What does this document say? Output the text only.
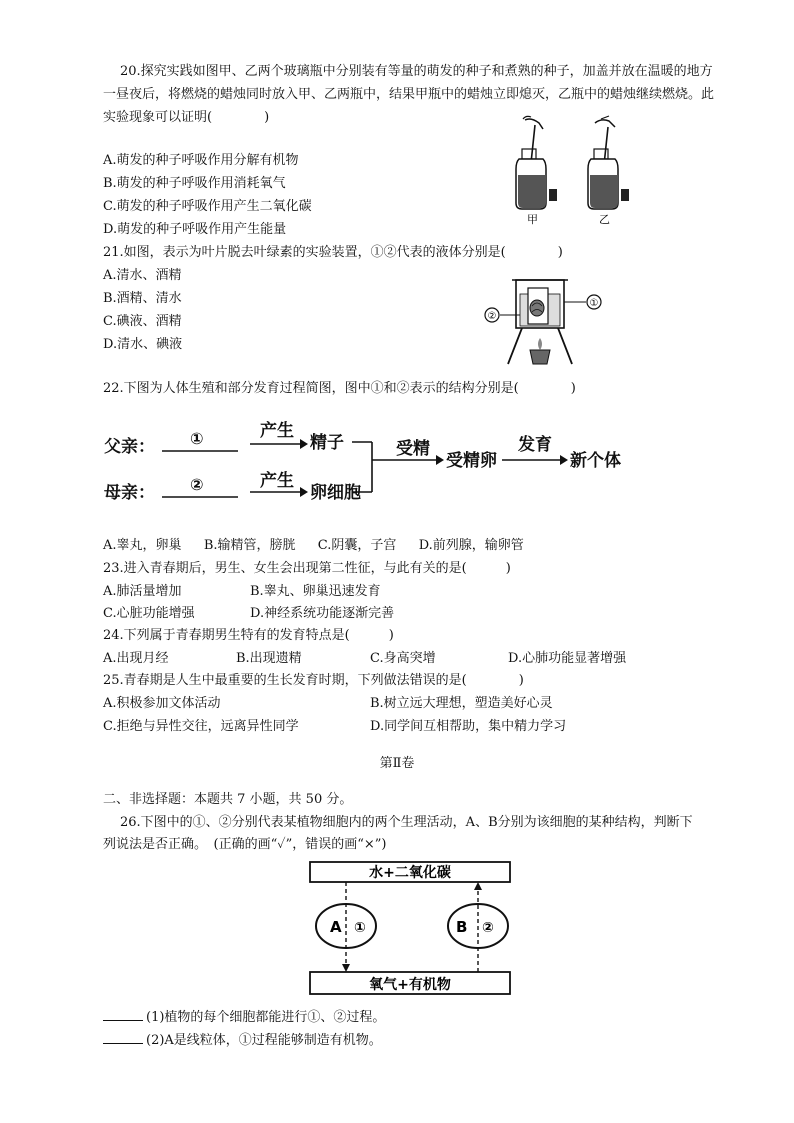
20.探究实践如图甲、乙两个玻璃瓶中分别装有等量的萌发的种子和煮熟的种子，加盖并放在温暖的地方一昼夜后，将燃烧的蜡烛同时放入甲、乙两瓶中，结果甲瓶中的蜡烛立即熄灭，乙瓶中的蜡烛继续燃烧。此实验现象可以证明(　　　　)
A.萌发的种子呼吸作用分解有机物
B.萌发的种子呼吸作用消耗氧气
C.萌发的种子呼吸作用产生二氧化碳
D.萌发的种子呼吸作用产生能量
甲	乙
21.如图，表示为叶片脱去叶绿素的实验装置，①②代表的液体分别是(　　　　)
A.清水、酒精
B.酒精、清水
C.碘液、酒精
D.清水、碘液
①
②
22.下图为人体生殖和部分发育过程简图，图中①和②表示的结构分别是(　　　　)
父亲：
母亲：
①
②
产生
产生
精子
卵细胞
受精
受精卵
发育
新个体
A.睾丸，卵巢 B.输精管，膀胱 C.阴囊，子宫 D.前列腺，输卵管
23.进入青春期后，男生、女生会出现第二性征，与此有关的是(　　　)
A.肺活量增加	B.睾丸、卵巢迅速发育
C.心脏功能增强	D.神经系统功能逐渐完善
24.下列属于青春期男生特有的发育特点是(　　　)
A.出现月经	B.出现遗精	C.身高突增	D.心肺功能显著增强
25.青春期是人生中最重要的生长发育时期，下列做法错误的是(　　　　)
A.积极参加文体活动	B.树立远大理想，塑造美好心灵
C.拒绝与异性交往，远离异性同学	D.同学间互相帮助，集中精力学习
第Ⅱ卷
二、非选择题：本题共 7 小题，共 50 分。
26.下图中的①、②分别代表某植物细胞内的两个生理活动，A、B分别为该细胞的某种结构，判断下
列说法是否正确。　(正确的画“✓”，错误的画“×”)
水+二氧化碳
氧气+有机物
A ①	B ②
(1)植物的每个细胞都能进行①、②过程。
(2)A是线粒体，①过程能够制造有机物。
